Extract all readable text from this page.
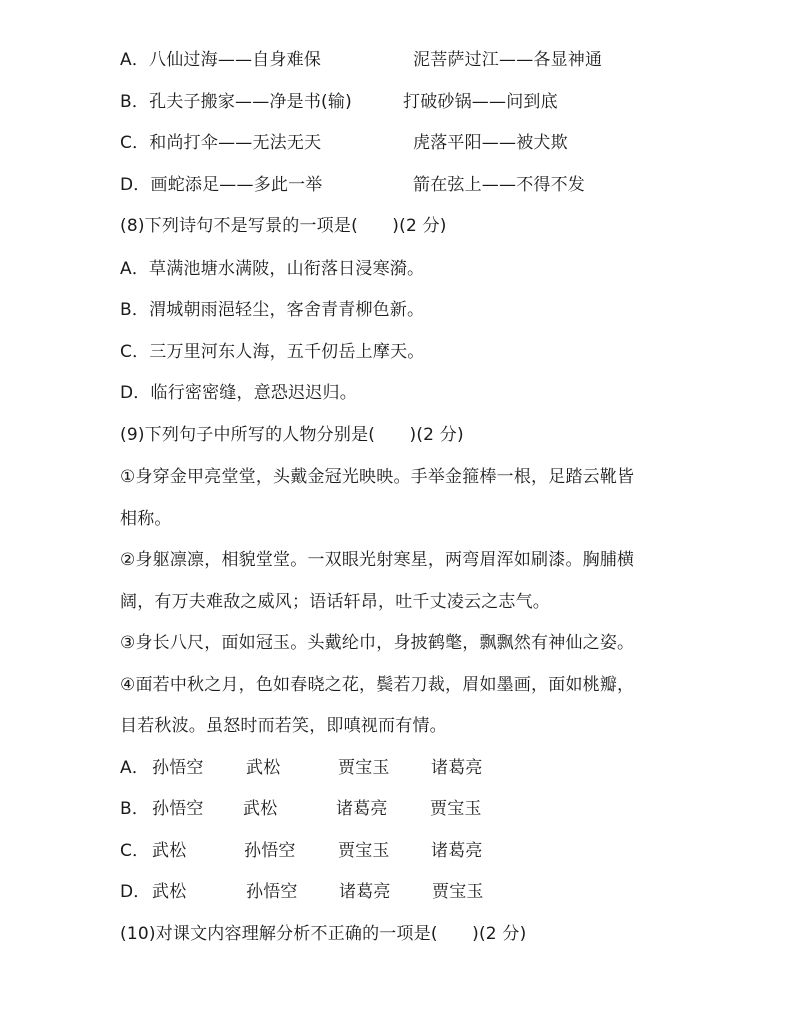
A．八仙过海——自身难保	泥菩萨过江——各显神通
B．孔夫子搬家——净是书(输)	打破砂锅——问到底
C．和尚打伞——无法无天	虎落平阳——被犬欺
D．画蛇添足——多此一举	箭在弦上——不得不发
(8)下列诗句不是写景的一项是(　　)(2 分)
A．草满池塘水满陂，山衔落日浸寒漪。
B．渭城朝雨浥轻尘，客舍青青柳色新。
C．三万里河东人海，五千仞岳上摩天。
D．临行密密缝，意恐迟迟归。
(9)下列句子中所写的人物分别是(　　)(2 分)
①身穿金甲亮堂堂，头戴金冠光映映。手举金箍棒一根，足踏云靴皆
相称。
②身躯凛凛，相貌堂堂。一双眼光射寒星，两弯眉浑如刷漆。胸脯横
阔，有万夫难敌之威风；语话轩昂，吐千丈凌云之志气。
③身长八尺，面如冠玉。头戴纶巾，身披鹤氅，飘飘然有神仙之姿。
④面若中秋之月，色如春晓之花，鬓若刀裁，眉如墨画，面如桃瓣，
目若秋波。虽怒时而若笑，即嗔视而有情。
A． 孙悟空 武松	贾宝玉 诸葛亮
B． 孙悟空 武松	诸葛亮 贾宝玉
C． 武松	孙悟空 贾宝玉 诸葛亮
D． 武松	孙悟空 诸葛亮 贾宝玉
(10)对课文内容理解分析不正确的一项是(　　)(2 分)
